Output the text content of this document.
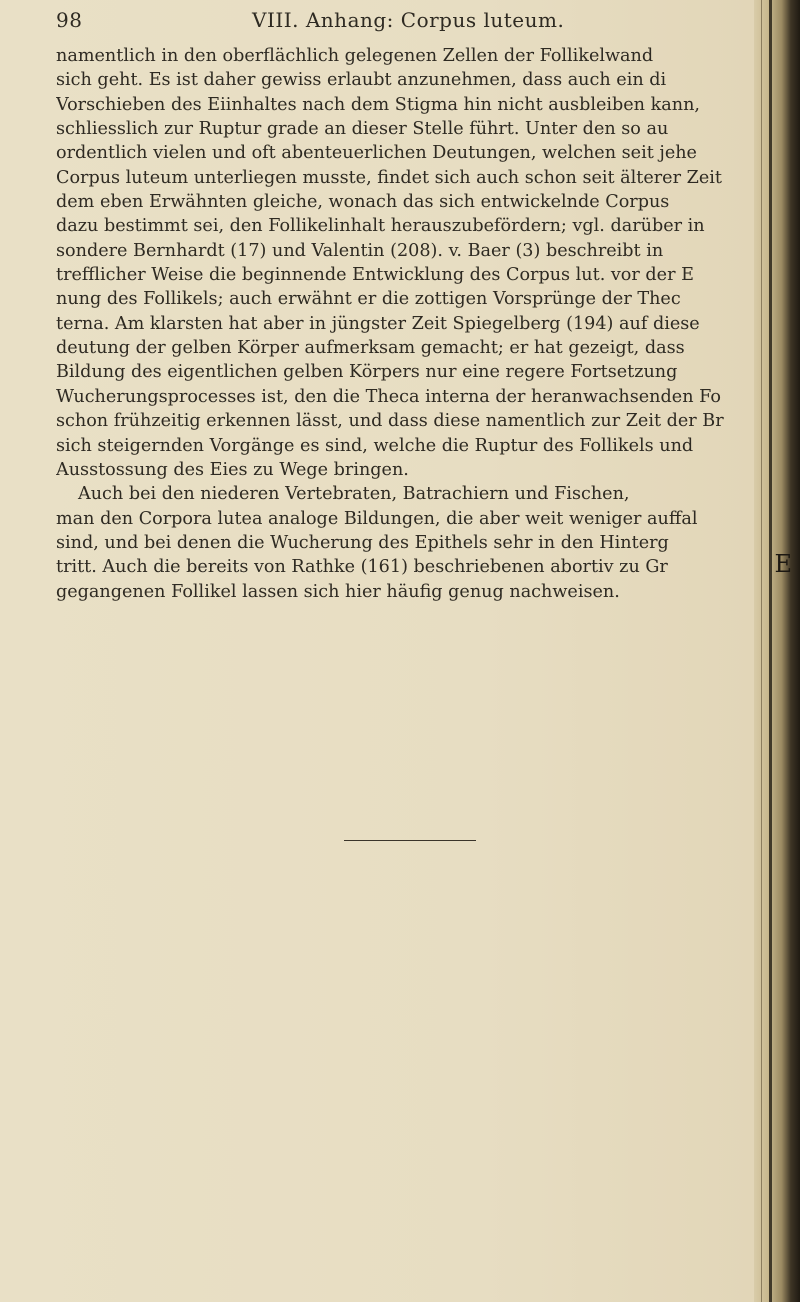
98	VIII. Anhang: Corpus luteum.
namentlich in den oberflächlich gelegenen Zellen der Follikelwand
sich geht. Es ist daher gewiss erlaubt anzunehmen, dass auch ein di
Vorschieben des Eiinhaltes nach dem Stigma hin nicht ausbleiben kann,
schliesslich zur Ruptur grade an dieser Stelle führt. Unter den so au
ordentlich vielen und oft abenteuerlichen Deutungen, welchen seit jehe
Corpus luteum unterliegen musste, findet sich auch schon seit älterer Zeit
dem eben Erwähnten gleiche, wonach das sich entwickelnde Corpus
dazu bestimmt sei, den Follikelinhalt herauszubefördern; vgl. darüber in
sondere Bernhardt (17) und Valentin (208). v. Baer (3) beschreibt in
trefflicher Weise die beginnende Entwicklung des Corpus lut. vor der E
nung des Follikels; auch erwähnt er die zottigen Vorsprünge der Thec
terna. Am klarsten hat aber in jüngster Zeit Spiegelberg (194) auf diese
deutung der gelben Körper aufmerksam gemacht; er hat gezeigt, dass
Bildung des eigentlichen gelben Körpers nur eine regere Fortsetzung
Wucherungsprocesses ist, den die Theca interna der heranwachsenden Fo
schon frühzeitig erkennen lässt, und dass diese namentlich zur Zeit der Br
sich steigernden Vorgänge es sind, welche die Ruptur des Follikels und
Ausstossung des Eies zu Wege bringen.
Auch bei den niederen Vertebraten, Batrachiern und Fischen,
man den Corpora lutea analoge Bildungen, die aber weit weniger auffal
sind, und bei denen die Wucherung des Epithels sehr in den Hinterg
tritt. Auch die bereits von Rathke (161) beschriebenen abortiv zu Gr
gegangenen Follikel lassen sich hier häufig genug nachweisen.
E
